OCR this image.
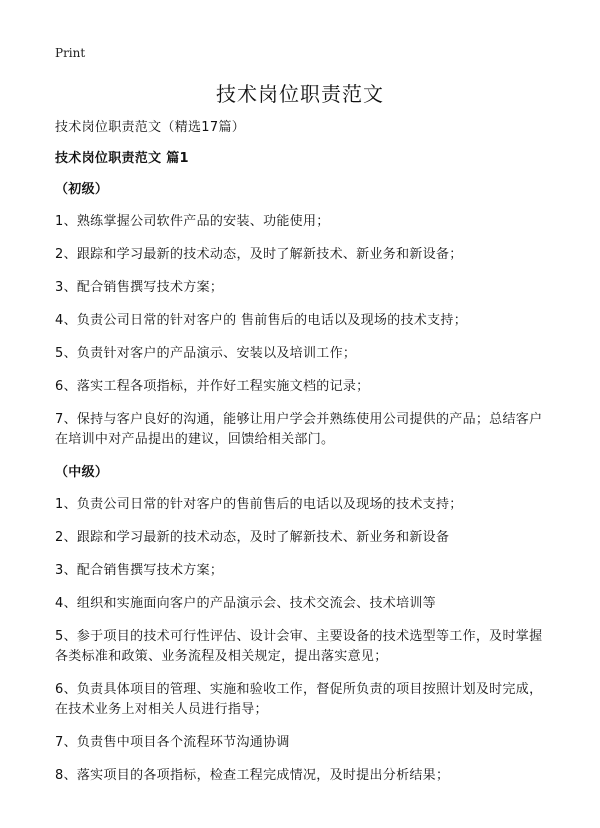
Print
技术岗位职责范文

技术岗位职责范文（精选17篇）

技术岗位职责范文 篇1

（初级）

1、熟练掌握公司软件产品的安装、功能使用；

2、跟踪和学习最新的技术动态，及时了解新技术、新业务和新设备；

3、配合销售撰写技术方案；

4、负责公司日常的针对客户的 售前售后的电话以及现场的技术支持；

5、负责针对客户的产品演示、安装以及培训工作；

6、落实工程各项指标，并作好工程实施文档的记录；

7、保持与客户良好的沟通，能够让用户学会并熟练使用公司提供的产品；总结客户在培训中对产品提出的建议，回馈给相关部门。

（中级）

1、负责公司日常的针对客户的售前售后的电话以及现场的技术支持；

2、跟踪和学习最新的技术动态，及时了解新技术、新业务和新设备

3、配合销售撰写技术方案；

4、组织和实施面向客户的产品演示会、技术交流会、技术培训等

5、参于项目的技术可行性评估、设计会审、主要设备的技术选型等工作，及时掌握各类标准和政策、业务流程及相关规定，提出落实意见；

6、负责具体项目的管理、实施和验收工作，督促所负责的项目按照计划及时完成，在技术业务上对相关人员进行指导；

7、负责售中项目各个流程环节沟通协调

8、落实项目的各项指标，检查工程完成情况，及时提出分析结果；
